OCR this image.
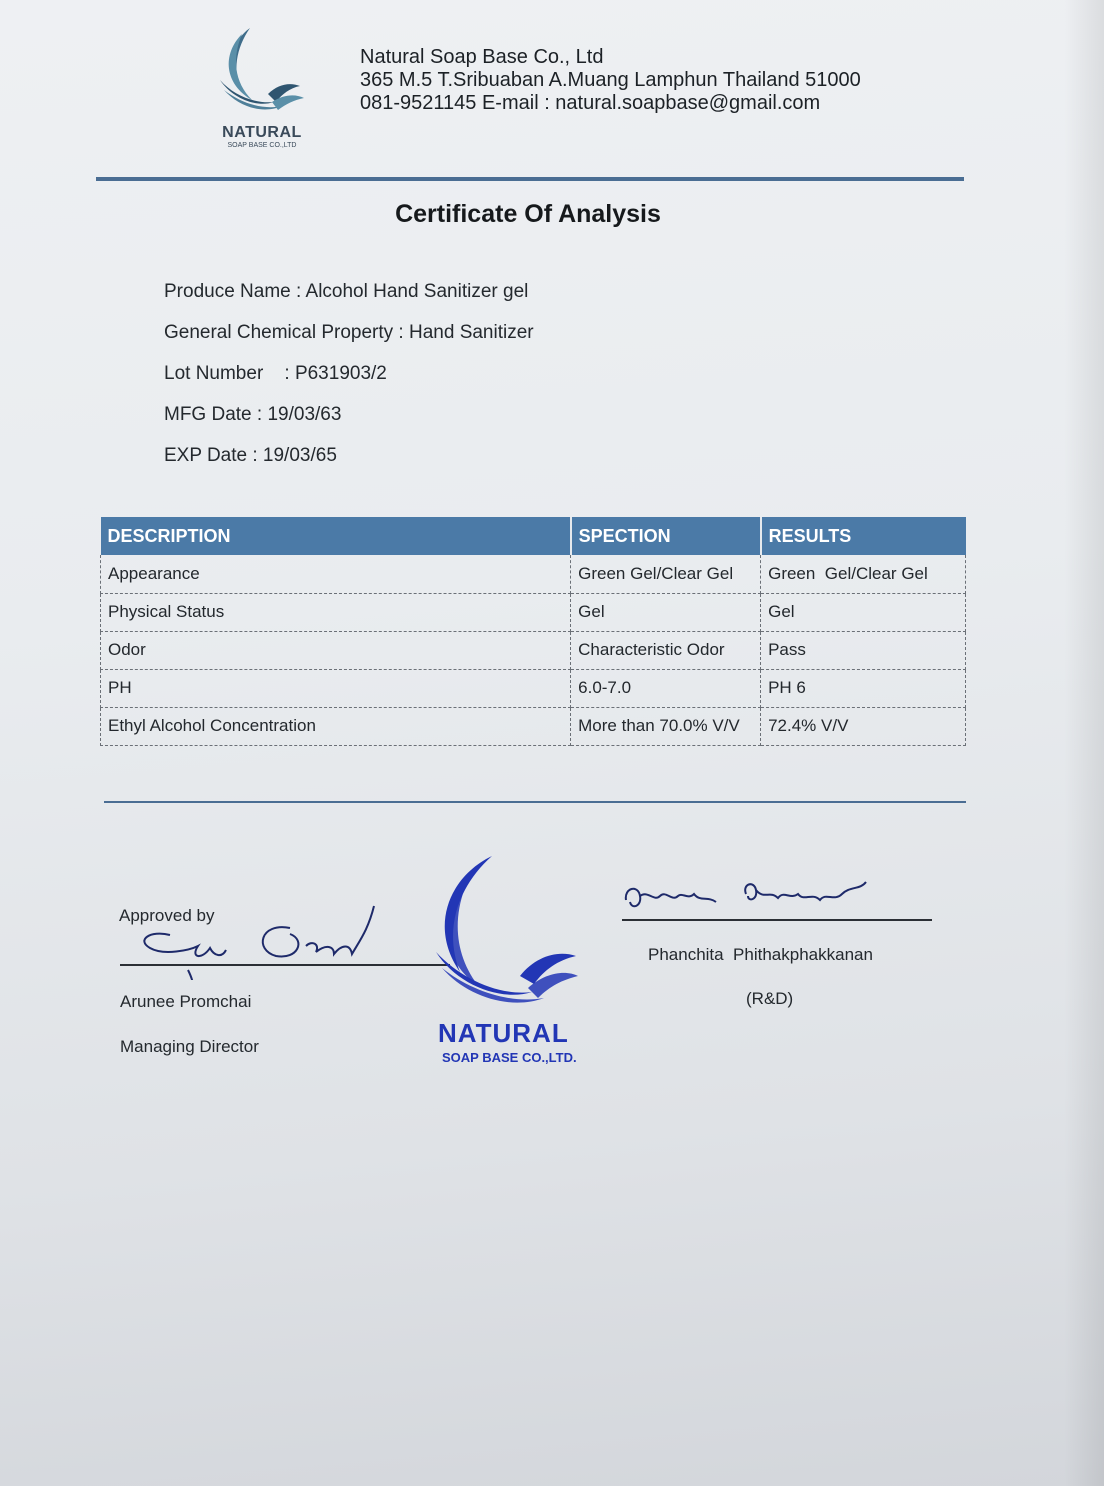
NATURAL
SOAP BASE CO.,LTD
Natural Soap Base Co., Ltd
365 M.5 T.Sribuaban A.Muang Lamphun Thailand 51000
081-9521145 E-mail : natural.soapbase@gmail.com
Certificate Of Analysis
Produce Name : Alcohol Hand Sanitizer gel
General Chemical Property : Hand Sanitizer
Lot Number    : P631903/2
MFG Date : 19/03/63
EXP Date : 19/03/65
DESCRIPTION	SPECTION	RESULTS
Appearance	Green Gel/Clear Gel	Green  Gel/Clear Gel
Physical Status	Gel	Gel
Odor	Characteristic Odor	Pass
PH	6.0-7.0	PH 6
Ethyl Alcohol Concentration	More than 70.0% V/V	72.4% V/V
Approved by
Arunee Promchai
Managing Director	NATURAL
SOAP BASE CO.,LTD.
Phanchita  Phithakphakkanan
(R&D)
